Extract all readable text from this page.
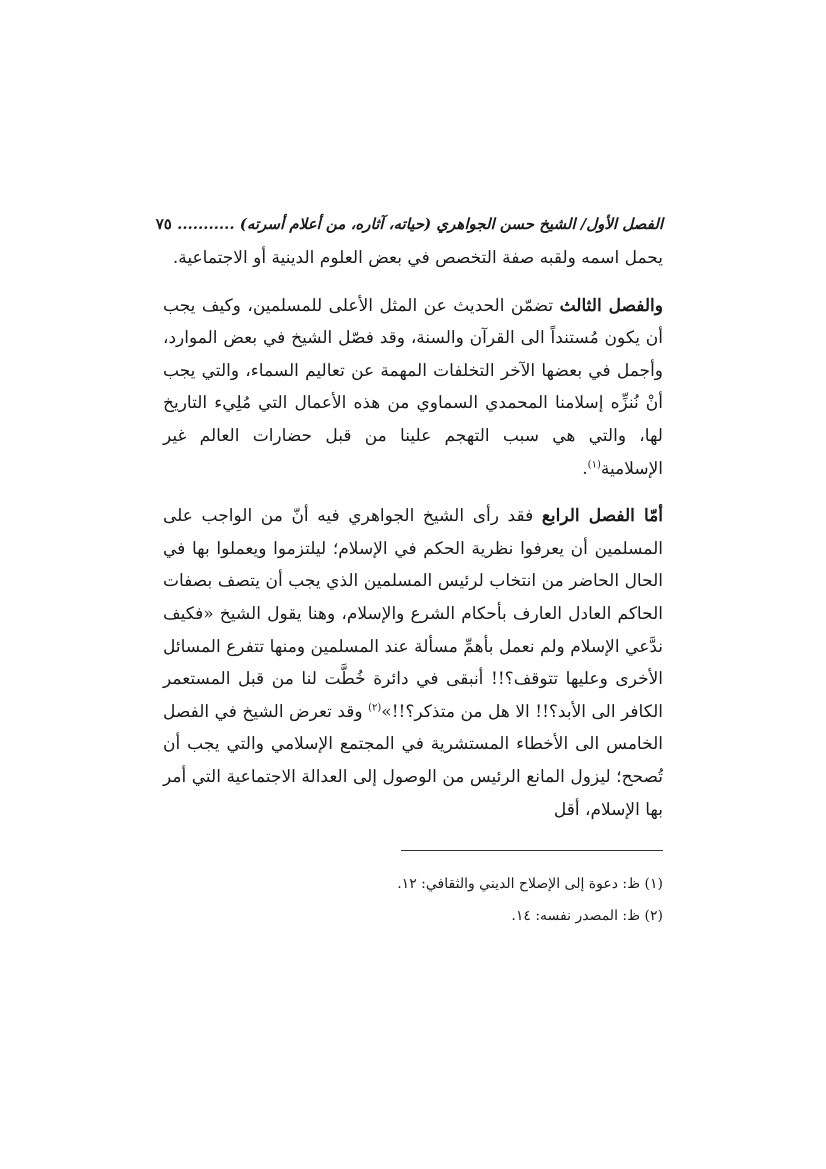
الفصل الأول/ الشيخ حسن الجواهري (حياته، آثاره، من أعلام أسرته) ........... ٧٥

يحمل اسمه ولقبه صفة التخصص في بعض العلوم الدينية أو الاجتماعية.

والفصل الثالث تضمّن الحديث عن المثل الأعلى للمسلمين، وكيف يجب أن يكون مُستنداً الى القرآن والسنة، وقد فصّل الشيخ في بعض الموارد، وأجمل في بعضها الآخر التخلفات المهمة عن تعاليم السماء، والتي يجب أنْ نُنزِّه إسلامنا المحمدي السماوي من هذه الأعمال التي مُلِيء التاريخ لها، والتي هي سبب التهجم علينا من قبل حضارات العالم غير الإسلامية$^{(١)}$.

أمّا الفصل الرابع فقد رأى الشيخ الجواهري فيه أنّ من الواجب على المسلمين أن يعرفوا نظرية الحكم في الإسلام؛ ليلتزموا ويعملوا بها في الحال الحاضر من انتخاب لرئيس المسلمين الذي يجب أن يتصف بصفات الحاكم العادل العارف بأحكام الشرع والإسلام، وهنا يقول الشيخ «فكيف ندَّعي الإسلام ولم نعمل بأهمِّ مسألة عند المسلمين ومنها تتفرع المسائل الأخرى وعليها تتوقف؟!! أنبقى في دائرة خُطَّت لنا من قبل المستعمر الكافر الى الأبد؟!! الا هل من متذكر؟!!»$^{(٢)}$ وقد تعرض الشيخ في الفصل الخامس الى الأخطاء المستشرية في المجتمع الإسلامي والتي يجب أن تُصحح؛ ليزول المانع الرئيس من الوصول إلى العدالة الاجتماعية التي أمر بها الإسلام، أقل

(١) ظ: دعوة إلى الإصلاح الديني والثقافي: ١٢.

(٢) ظ: المصدر نفسه: ١٤.
